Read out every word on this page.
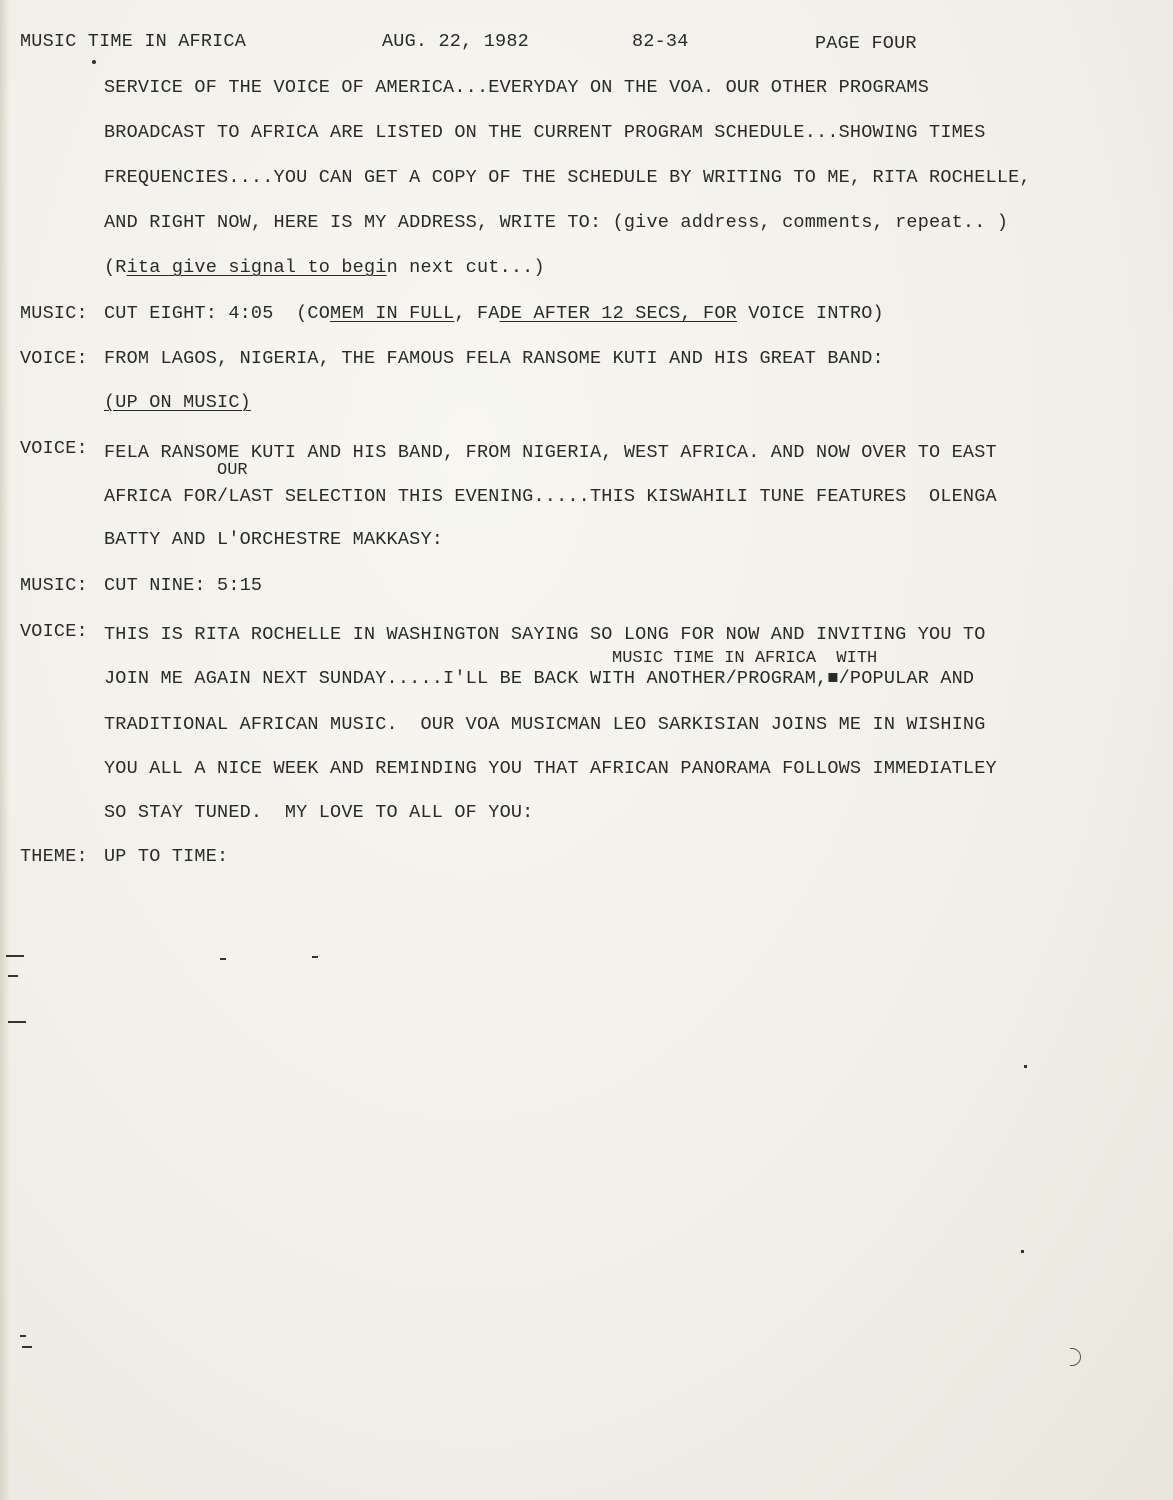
MUSIC TIME IN AFRICA	AUG. 22, 1982	82-34	PAGE FOUR
SERVICE OF THE VOICE OF AMERICA...EVERYDAY ON THE VOA. OUR OTHER PROGRAMS
BROADCAST TO AFRICA ARE LISTED ON THE CURRENT PROGRAM SCHEDULE...SHOWING TIMES
FREQUENCIES....YOU CAN GET A COPY OF THE SCHEDULE BY WRITING TO ME, RITA ROCHELLE,
AND RIGHT NOW, HERE IS MY ADDRESS, WRITE TO: (give address, comments, repeat.. )
(Rita give signal to begin next cut...)
MUSIC: CUT EIGHT: 4:05  (COMEM IN FULL, FADE AFTER 12 SECS, FOR VOICE INTRO)
VOICE: FROM LAGOS, NIGERIA, THE FAMOUS FELA RANSOME KUTI AND HIS GREAT BAND:
(UP ON MUSIC)
VOICE: FELA RANSOME KUTI AND HIS BAND, FROM NIGERIA, WEST AFRICA. AND NOW OVER TO EAST
OUR
AFRICA FOR/LAST SELECTION THIS EVENING.....THIS KISWAHILI TUNE FEATURES  OLENGA
BATTY AND L'ORCHESTRE MAKKASY:
MUSIC: CUT NINE: 5:15
VOICE: THIS IS RITA ROCHELLE IN WASHINGTON SAYING SO LONG FOR NOW AND INVITING YOU TO
MUSIC TIME IN AFRICA  WITH
JOIN ME AGAIN NEXT SUNDAY.....I'LL BE BACK WITH ANOTHER/PROGRAM,■/POPULAR AND
TRADITIONAL AFRICAN MUSIC.  OUR VOA MUSICMAN LEO SARKISIAN JOINS ME IN WISHING
YOU ALL A NICE WEEK AND REMINDING YOU THAT AFRICAN PANORAMA FOLLOWS IMMEDIATLEY
SO STAY TUNED.  MY LOVE TO ALL OF YOU:
THEME: UP TO TIME:
